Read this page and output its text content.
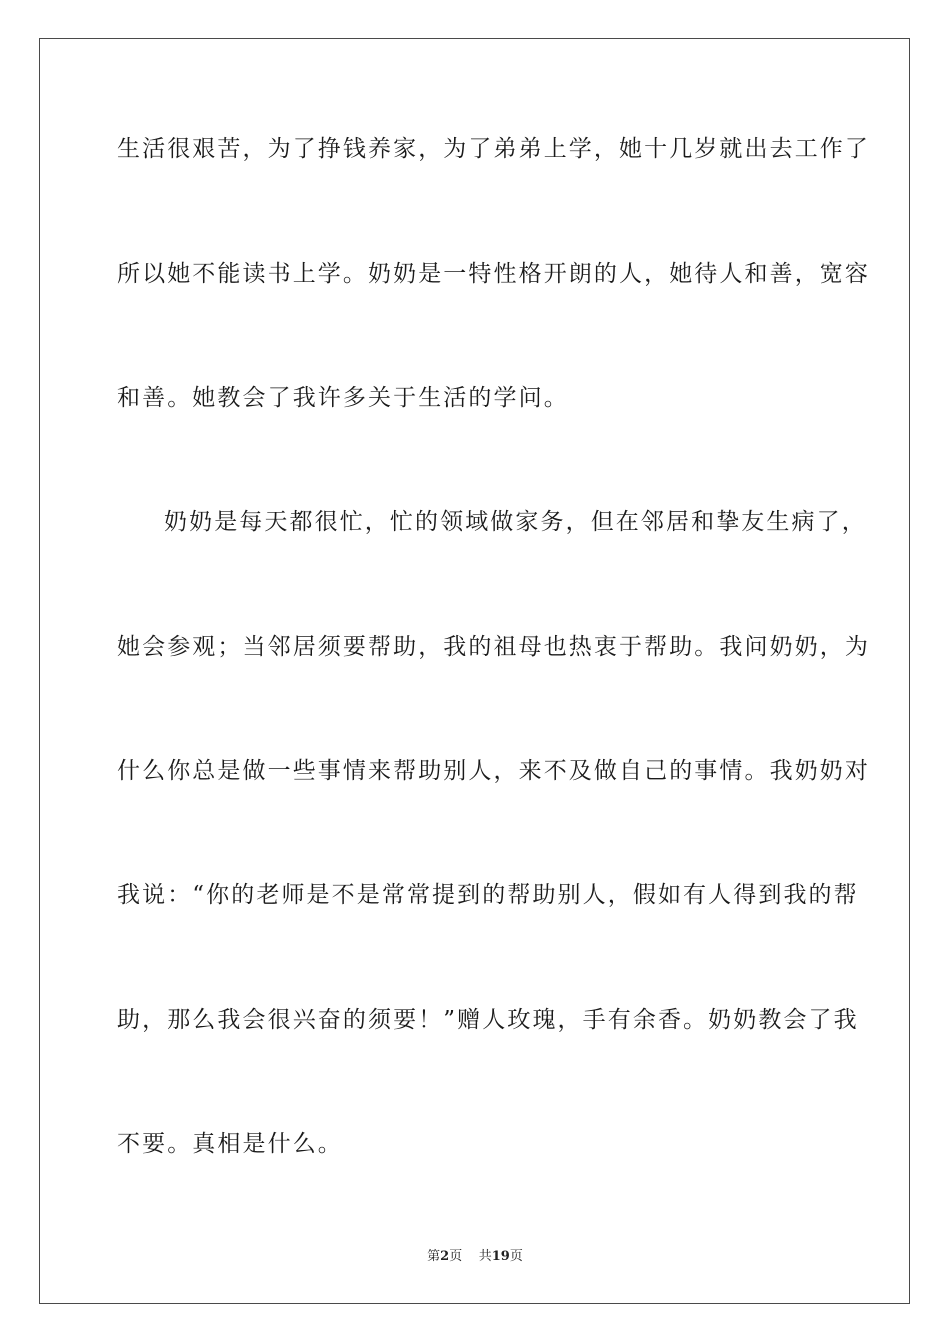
生活很艰苦，为了挣钱养家，为了弟弟上学，她十几岁就出去工作了
所以她不能读书上学。奶奶是一特性格开朗的人，她待人和善，宽容
和善。她教会了我许多关于生活的学问。
奶奶是每天都很忙，忙的领域做家务，但在邻居和挚友生病了，
她会参观；当邻居须要帮助，我的祖母也热衷于帮助。我问奶奶，为
什么你总是做一些事情来帮助别人，来不及做自己的事情。我奶奶对
我说：“你的老师是不是常常提到的帮助别人，假如有人得到我的帮
助，那么我会很兴奋的须要！”赠人玫瑰，手有余香。奶奶教会了我
不要。真相是什么。
第2页 共19页
